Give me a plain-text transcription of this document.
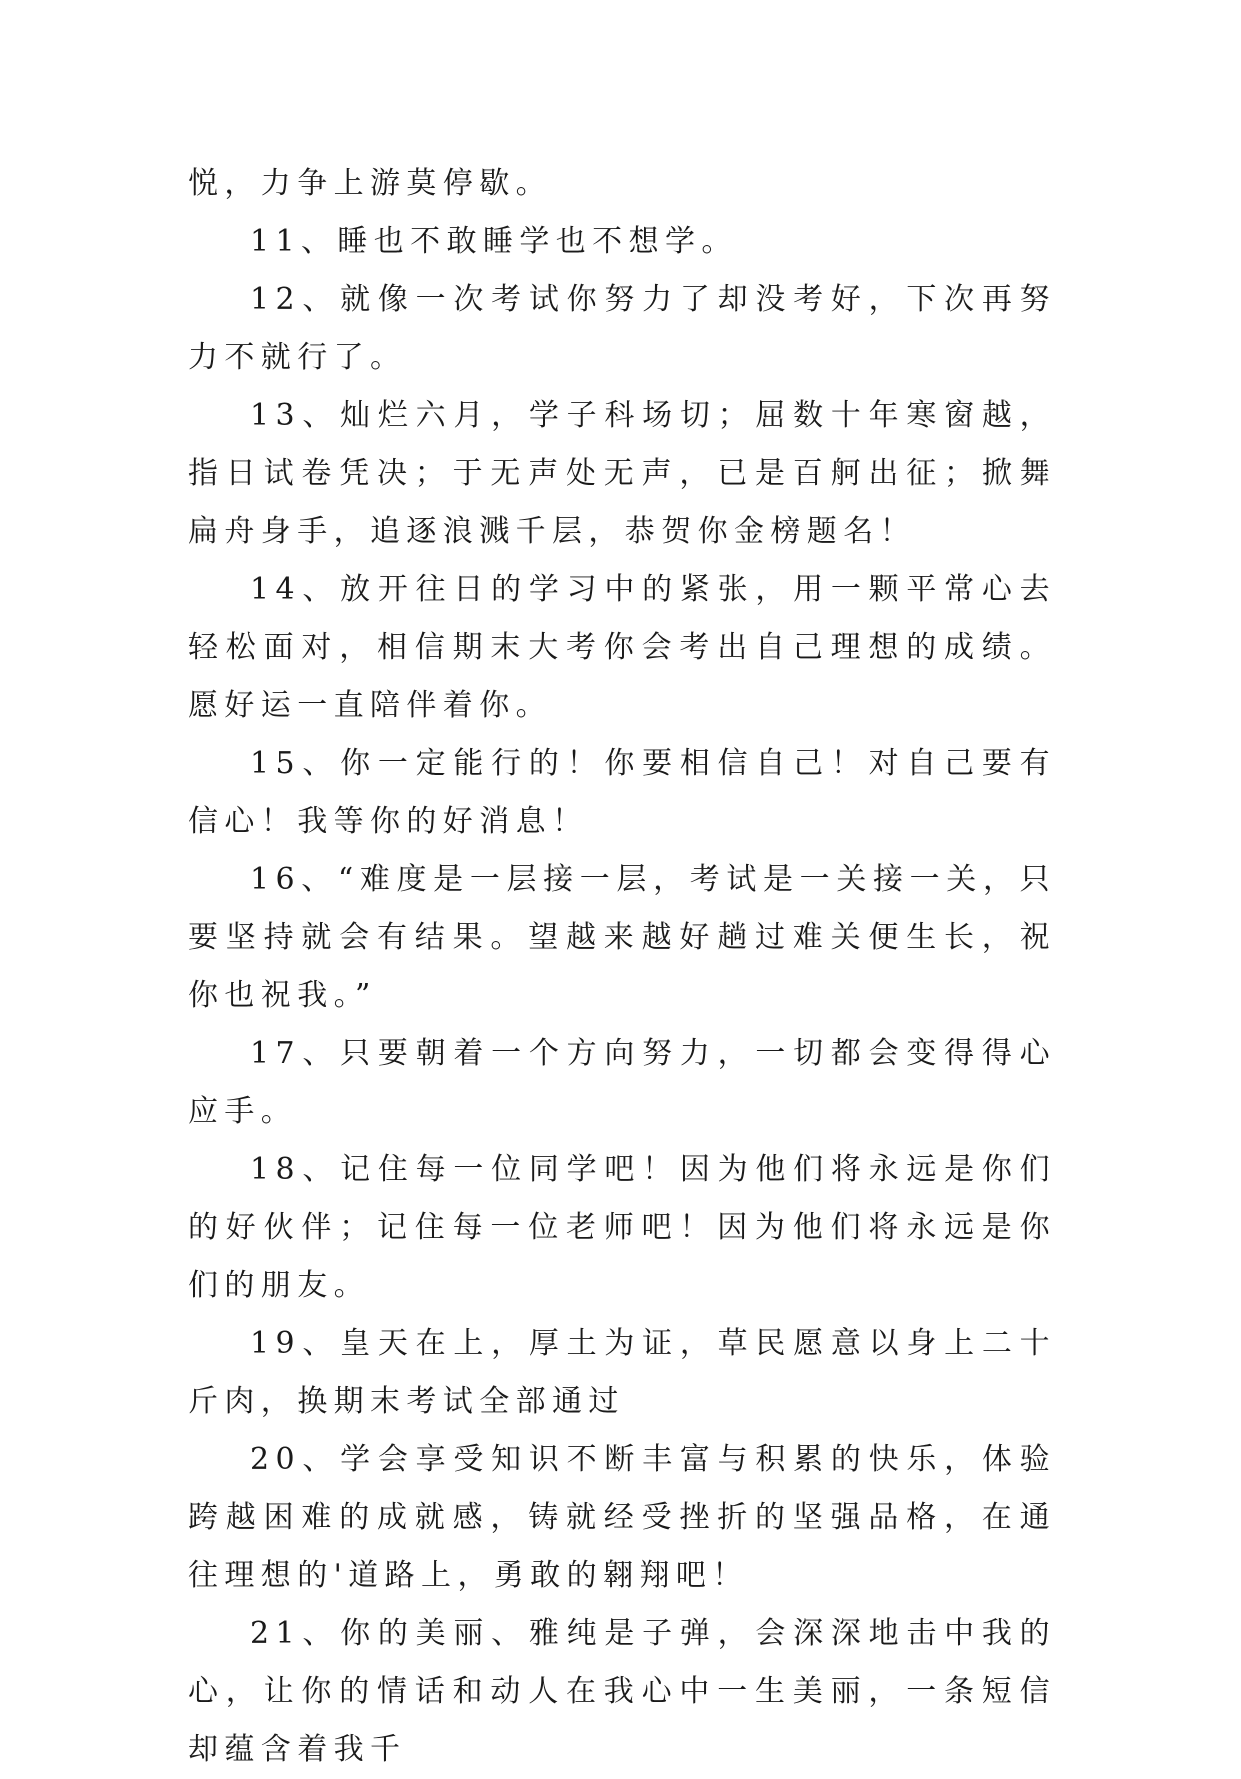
悦，力争上游莫停歇。

11、睡也不敢睡学也不想学。

12、就像一次考试你努力了却没考好，下次再努力不就行了。

13、灿烂六月，学子科场切；屈数十年寒窗越，指日试卷凭决；于无声处无声，已是百舸出征；掀舞扁舟身手，追逐浪溅千层，恭贺你金榜题名！

14、放开往日的学习中的紧张，用一颗平常心去轻松面对，相信期末大考你会考出自己理想的成绩。愿好运一直陪伴着你。

15、你一定能行的！你要相信自己！对自己要有信心！我等你的好消息！

16、“难度是一层接一层，考试是一关接一关，只要坚持就会有结果。望越来越好趟过难关便生长，祝你也祝我。”

17、只要朝着一个方向努力，一切都会变得得心应手。

18、记住每一位同学吧！因为他们将永远是你们的好伙伴；记住每一位老师吧！因为他们将永远是你们的朋友。

19、皇天在上，厚土为证，草民愿意以身上二十斤肉，换期末考试全部通过

20、学会享受知识不断丰富与积累的快乐，体验跨越困难的成就感，铸就经受挫折的坚强品格，在通往理想的'道路上，勇敢的翱翔吧！

21、你的美丽、雅纯是子弹，会深深地击中我的心，让你的情话和动人在我心中一生美丽，一条短信却蕴含着我千
